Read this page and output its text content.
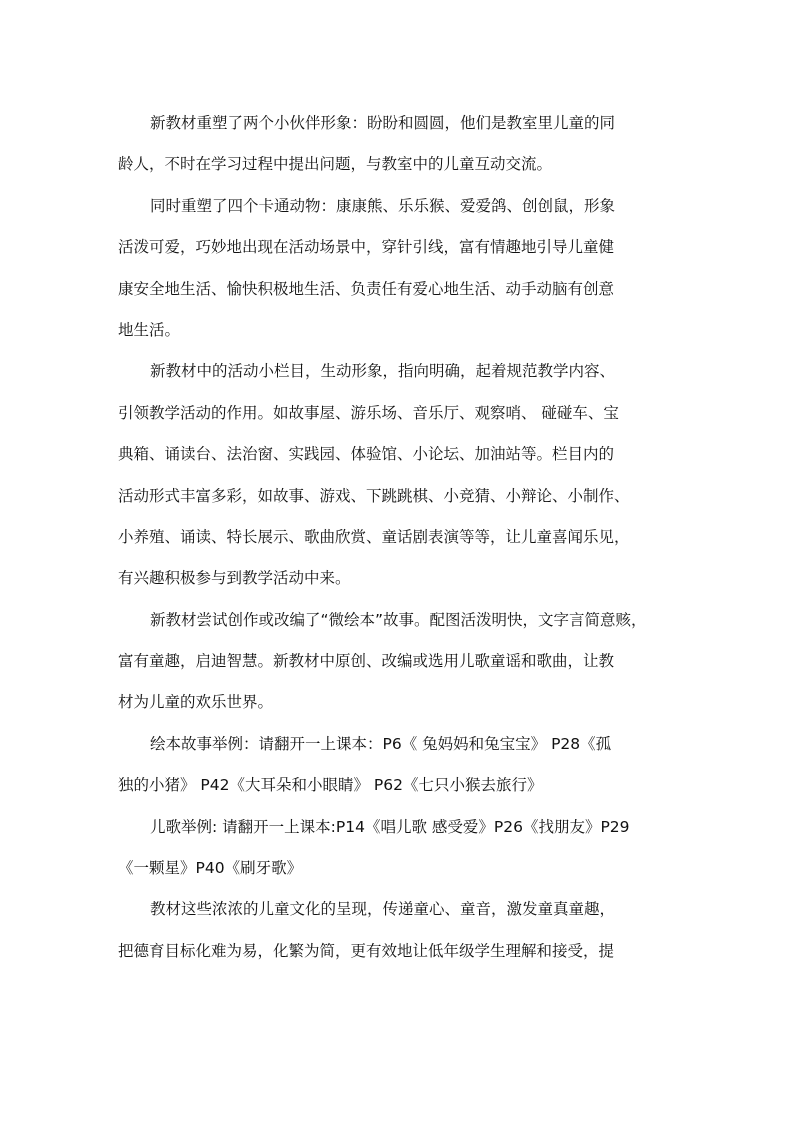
新教材重塑了两个小伙伴形象：盼盼和圆圆，他们是教室里儿童的同
龄人，不时在学习过程中提出问题，与教室中的儿童互动交流。
同时重塑了四个卡通动物：康康熊、乐乐猴、爱爱鸽、创创鼠，形象
活泼可爱，巧妙地出现在活动场景中，穿针引线，富有情趣地引导儿童健
康安全地生活、愉快积极地生活、负责任有爱心地生活、动手动脑有创意
地生活。
新教材中的活动小栏目，生动形象，指向明确，起着规范教学内容、
引领教学活动的作用。如故事屋、游乐场、音乐厅、观察哨、 碰碰车、宝
典箱、诵读台、法治窗、实践园、体验馆、小论坛、加油站等。栏目内的
活动形式丰富多彩，如故事、游戏、下跳跳棋、小竞猜、小辩论、小制作、
小养殖、诵读、特长展示、歌曲欣赏、童话剧表演等等，让儿童喜闻乐见，
有兴趣积极参与到教学活动中来。
新教材尝试创作或改编了“微绘本”故事。配图活泼明快，文字言简意赅，
富有童趣，启迪智慧。新教材中原创、改编或选用儿歌童谣和歌曲，让教
材为儿童的欢乐世界。
绘本故事举例：请翻开一上课本：P6《 兔妈妈和兔宝宝》 P28《孤
独的小猪》 P42《大耳朵和小眼睛》 P62《七只小猴去旅行》
儿歌举例: 请翻开一上课本:P14《唱儿歌 感受爱》P26《找朋友》P29
《一颗星》P40《刷牙歌》
教材这些浓浓的儿童文化的呈现，传递童心、童音，激发童真童趣，
把德育目标化难为易，化繁为简，更有效地让低年级学生理解和接受，提
